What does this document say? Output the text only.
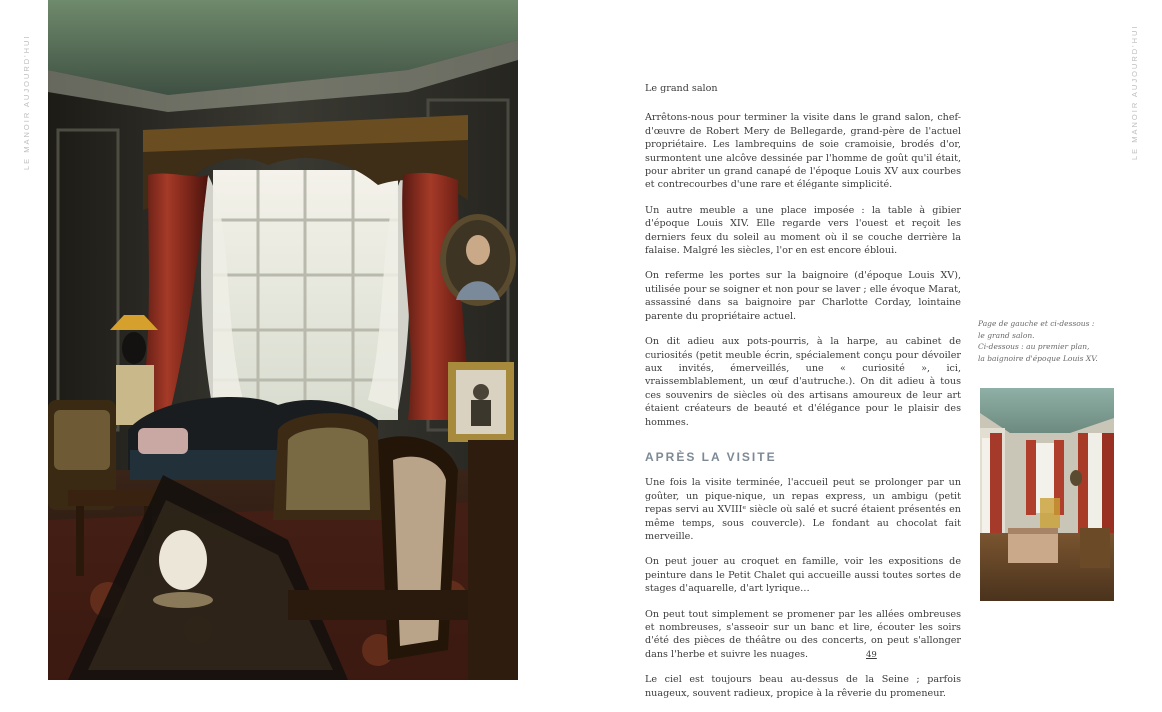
LE MANOIR AUJOURD'HUI	LE MANOIR AUJOURD'HUI
Le grand salon

Arrêtons-nous pour terminer la visite dans le grand salon, chef-d'œuvre de Robert Mery de Bellegarde, grand-père de l'actuel propriétaire. Les lambrequins de soie cramoisie, brodés d'or, surmontent une alcôve dessinée par l'homme de goût qu'il était, pour abriter un grand canapé de l'époque Louis XV aux courbes et contrecourbes d'une rare et élégante simplicité.

Un autre meuble a une place imposée : la table à gibier d'époque Louis XIV. Elle regarde vers l'ouest et reçoit les derniers feux du soleil au moment où il se couche derrière la falaise. Malgré les siècles, l'or en est encore ébloui.

On referme les portes sur la baignoire (d'époque Louis XV), utilisée pour se soigner et non pour se laver ; elle évoque Marat, assassiné dans sa baignoire par Charlotte Corday, lointaine parente du propriétaire actuel.

On dit adieu aux pots-pourris, à la harpe, au cabinet de curiosités (petit meuble écrin, spécialement conçu pour dévoiler aux invités, émerveillés, une « curiosité », ici, vraissemblablement, un œuf d'autruche.). On dit adieu à tous ces souvenirs de siècles où des artisans amoureux de leur art étaient créateurs de beauté et d'élégance pour le plaisir des hommes.

APRÈS LA VISITE

Une fois la visite terminée, l'accueil peut se prolonger par un goûter, un pique-nique, un repas express, un ambigu (petit repas servi au XVIIIᵉ siècle où salé et sucré étaient présentés en même temps, sous couvercle). Le fondant au chocolat fait merveille.

On peut jouer au croquet en famille, voir les expositions de peinture dans le Petit Chalet qui accueille aussi toutes sortes de stages d'aquarelle, d'art lyrique…

On peut tout simplement se promener par les allées ombreuses et nombreuses, s'asseoir sur un banc et lire, écouter les soirs d'été des pièces de théâtre ou des concerts, on peut s'allonger dans l'herbe et suivre les nuages.

Le ciel est toujours beau au-dessus de la Seine ; parfois nuageux, souvent radieux, propice à la rêverie du promeneur.

Page de gauche et ci-dessous :
le grand salon.
Ci-dessous : au premier plan,
la baignoire d'époque Louis XV.
49
